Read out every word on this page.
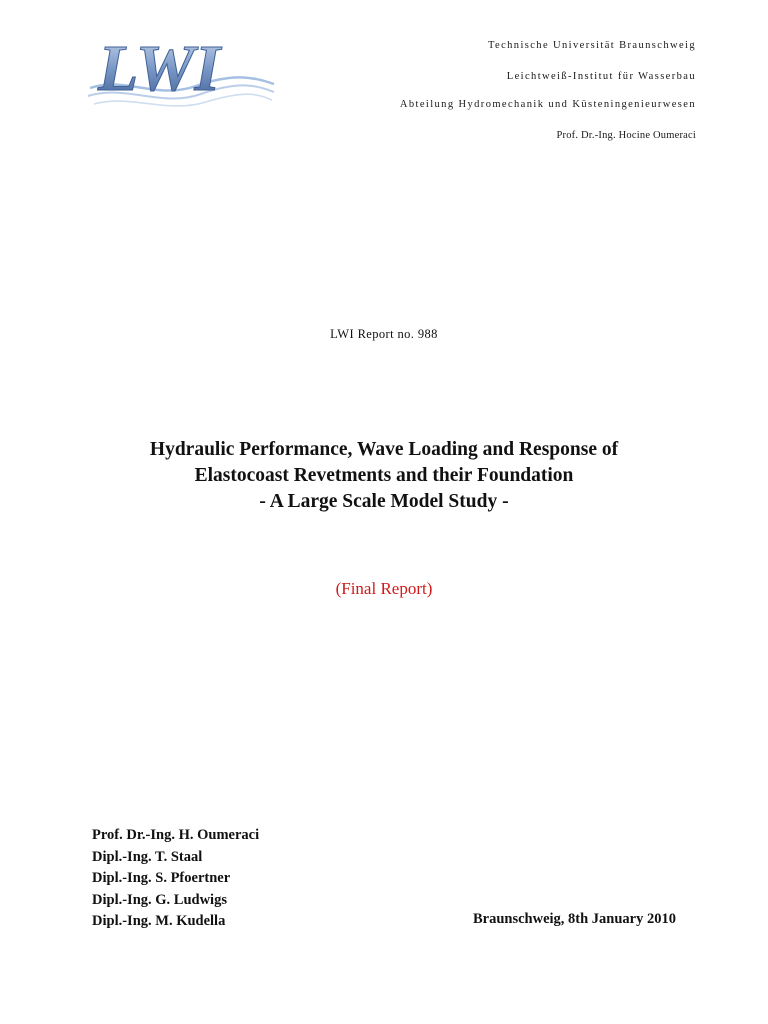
LWI	Technische Universität Braunschweig
Leichtweiß-Institut für Wasserbau
Abteilung Hydromechanik und Küsteningenieurwesen
Prof. Dr.-Ing. Hocine Oumeraci
LWI Report no. 988
Hydraulic Performance, Wave Loading and Response of
Elastocoast Revetments and their Foundation
- A Large Scale Model Study -
(Final Report)
Prof. Dr.-Ing. H. Oumeraci
Dipl.-Ing. T. Staal
Dipl.-Ing. S. Pfoertner
Dipl.-Ing. G. Ludwigs
Dipl.-Ing. M. Kudella	Braunschweig, 8th January 2010
